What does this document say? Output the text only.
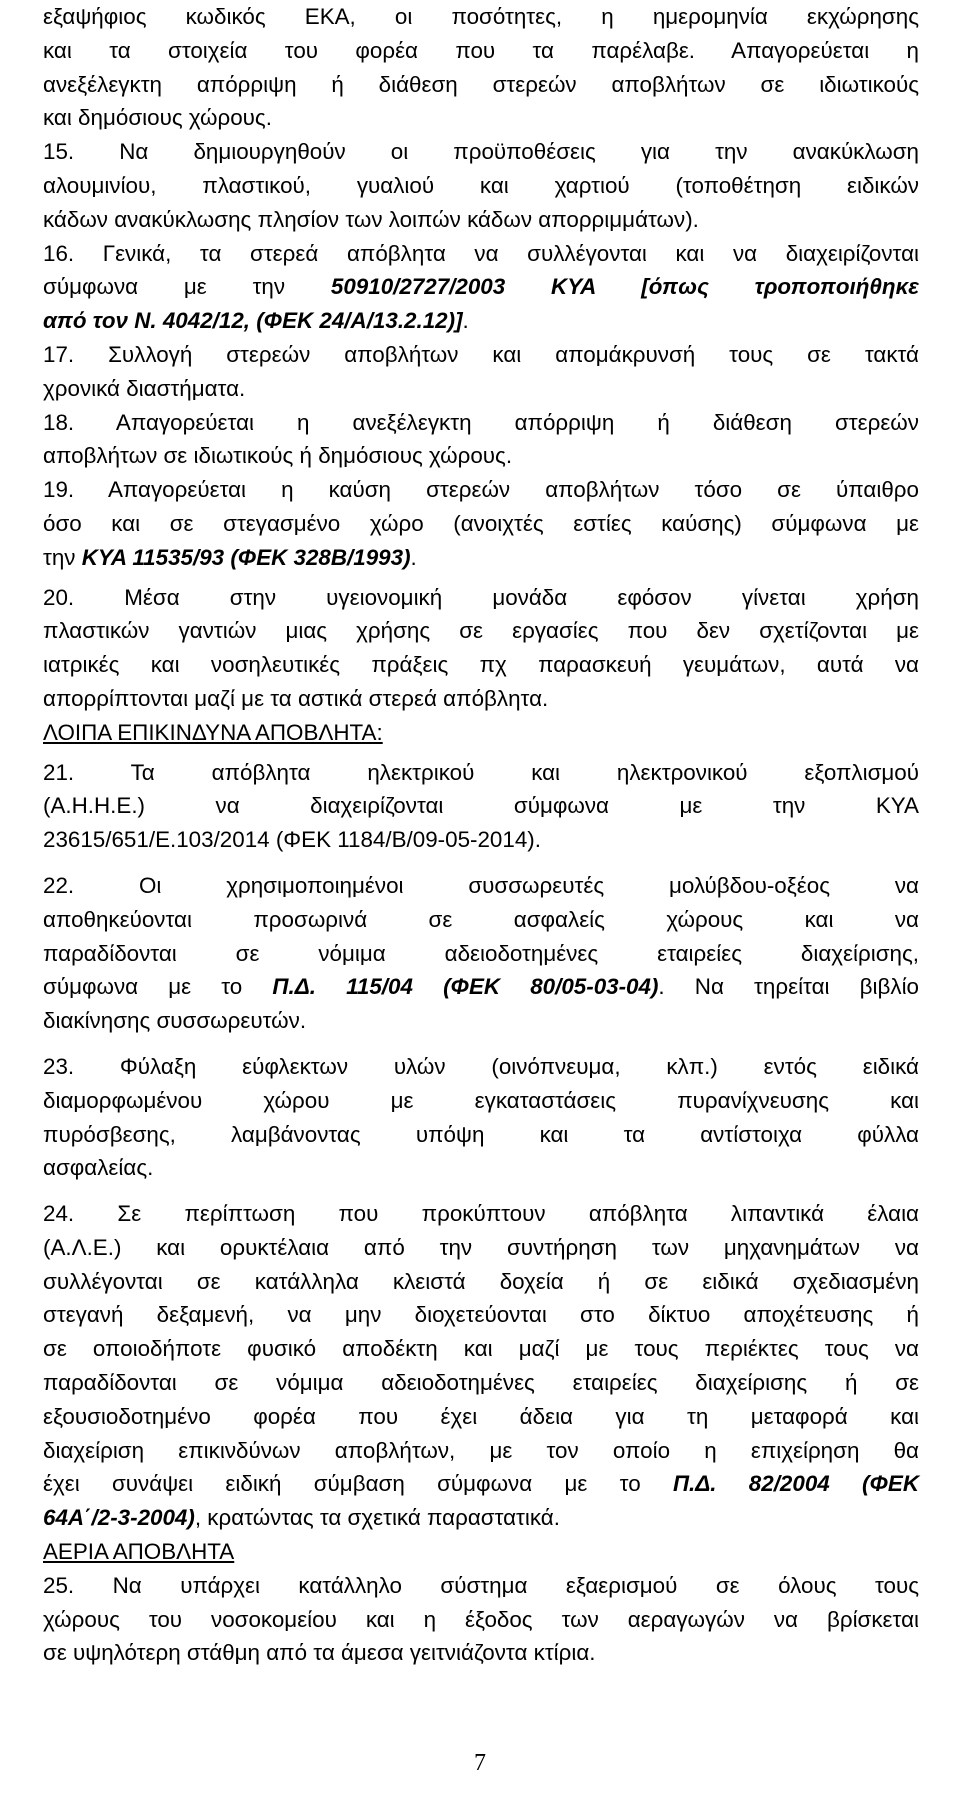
εξαψήφιος κωδικός ΕΚΑ, οι ποσότητες, η ημερομηνία εκχώρησης
και τα στοιχεία του φορέα που τα παρέλαβε. Απαγορεύεται η
ανεξέλεγκτη απόρριψη ή διάθεση στερεών αποβλήτων σε ιδιωτικούς
και δημόσιους χώρους.
15. Να δημιουργηθούν οι προϋποθέσεις για την ανακύκλωση
αλουμινίου, πλαστικού, γυαλιού και χαρτιού (τοποθέτηση ειδικών
κάδων ανακύκλωσης πλησίον των λοιπών κάδων απορριμμάτων).
16. Γενικά, τα στερεά απόβλητα να συλλέγονται και να διαχειρίζονται
σύμφωνα με την 50910/2727/2003 ΚΥΑ [όπως τροποποιήθηκε
από τον Ν. 4042/12, (ΦΕΚ 24/Α/13.2.12)].
17. Συλλογή στερεών αποβλήτων και απομάκρυνσή τους σε τακτά
χρονικά διαστήματα.
18. Απαγορεύεται η ανεξέλεγκτη απόρριψη ή διάθεση στερεών
αποβλήτων σε ιδιωτικούς ή δημόσιους χώρους.
19. Απαγορεύεται η καύση στερεών αποβλήτων τόσο σε ύπαιθρο
όσο και σε στεγασμένο χώρο (ανοιχτές εστίες καύσης) σύμφωνα με
την ΚΥΑ 11535/93 (ΦΕΚ 328Β/1993).
20. Μέσα στην υγειονομική μονάδα εφόσον γίνεται χρήση
πλαστικών γαντιών μιας χρήσης σε εργασίες που δεν σχετίζονται με
ιατρικές και νοσηλευτικές πράξεις πχ παρασκευή γευμάτων, αυτά να
απορρίπτονται μαζί με τα αστικά στερεά απόβλητα.
ΛΟΙΠΑ ΕΠΙΚΙΝΔΥΝΑ ΑΠΟΒΛΗΤΑ:
21. Τα απόβλητα ηλεκτρικού και ηλεκτρονικού εξοπλισμού
(Α.Η.Η.Ε.) να διαχειρίζονται σύμφωνα με την ΚΥΑ
23615/651/Ε.103/2014 (ΦΕΚ 1184/Β/09-05-2014).
22. Οι χρησιμοποιημένοι συσσωρευτές μολύβδου-οξέος να
αποθηκεύονται προσωρινά σε ασφαλείς χώρους και να
παραδίδονται σε νόμιμα αδειοδοτημένες εταιρείες διαχείρισης,
σύμφωνα με το Π.Δ. 115/04 (ΦΕΚ 80/05-03-04). Να τηρείται βιβλίο
διακίνησης συσσωρευτών.
23. Φύλαξη εύφλεκτων υλών (οινόπνευμα, κλπ.) εντός ειδικά
διαμορφωμένου χώρου με εγκαταστάσεις πυρανίχνευσης και
πυρόσβεσης, λαμβάνοντας υπόψη και τα αντίστοιχα φύλλα
ασφαλείας.
24. Σε περίπτωση που προκύπτουν απόβλητα λιπαντικά έλαια
(Α.Λ.Ε.) και ορυκτέλαια από την συντήρηση των μηχανημάτων να
συλλέγονται σε κατάλληλα κλειστά δοχεία ή σε ειδικά σχεδιασμένη
στεγανή δεξαμενή, να μην διοχετεύονται στο δίκτυο αποχέτευσης ή
σε οποιοδήποτε φυσικό αποδέκτη και μαζί με τους περιέκτες τους να
παραδίδονται σε νόμιμα αδειοδοτημένες εταιρείες διαχείρισης ή σε
εξουσιοδοτημένο φορέα που έχει άδεια για τη μεταφορά και
διαχείριση επικινδύνων αποβλήτων, με τον οποίο η επιχείρηση θα
έχει συνάψει ειδική σύμβαση σύμφωνα με το Π.Δ. 82/2004 (ΦΕΚ
64Α΄/2-3-2004), κρατώντας τα σχετικά παραστατικά.
ΑΕΡΙΑ ΑΠΟΒΛΗΤΑ
25. Να υπάρχει κατάλληλο σύστημα εξαερισμού σε όλους τους
χώρους του νοσοκομείου και η έξοδος των αεραγωγών να βρίσκεται
σε υψηλότερη στάθμη από τα άμεσα γειτνιάζοντα κτίρια.
7
